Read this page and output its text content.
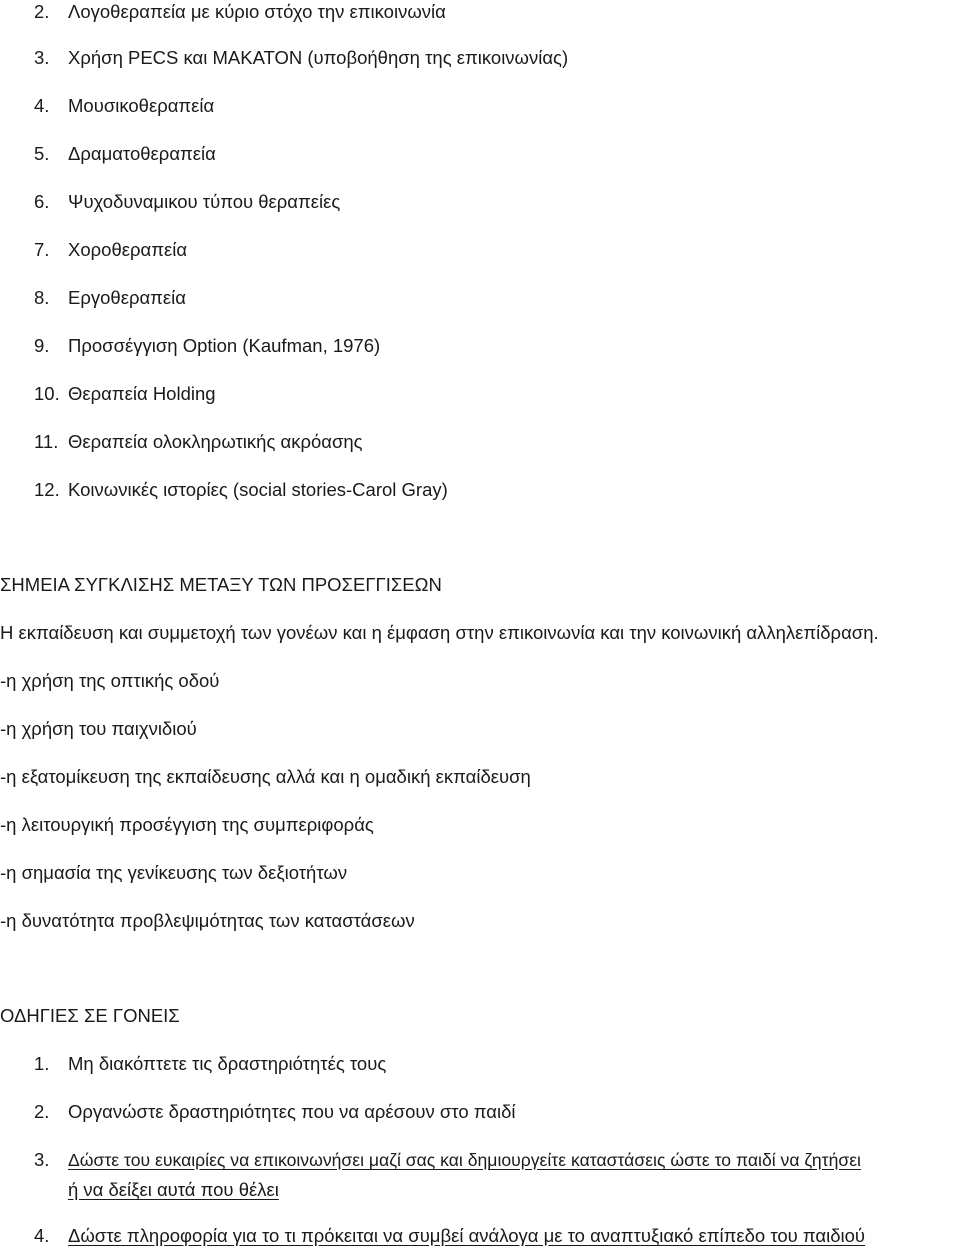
2. Λογοθεραπεία με κύριο στόχο την επικοινωνία
3. Χρήση PECS και MAKATON (υποβοήθηση της επικοινωνίας)
4. Μουσικοθεραπεία
5. Δραματοθεραπεία
6. Ψυχοδυναμικου τύπου θεραπείες
7. Χοροθεραπεία
8. Εργοθεραπεία
9. Προσσέγγιση Option (Kaufman, 1976)
10. Θεραπεία Holding
11. Θεραπεία ολοκληρωτικής ακρόασης
12. Κοινωνικές ιστορίες (social stories-Carol Gray)
ΣΗΜΕΙΑ ΣΥΓΚΛΙΣΗΣ ΜΕΤΑΞΥ ΤΩΝ ΠΡΟΣΕΓΓΙΣΕΩΝ
Η εκπαίδευση και συμμετοχή των γονέων και η έμφαση στην επικοινωνία και την κοινωνική αλληλεπίδραση.
-η χρήση της οπτικής οδού
-η χρήση του παιχνιδιού
-η εξατομίκευση της εκπαίδευσης αλλά και η ομαδική εκπαίδευση
-η λειτουργική προσέγγιση της συμπεριφοράς
-η σημασία της γενίκευσης των δεξιοτήτων
-η δυνατότητα προβλεψιμότητας των καταστάσεων
ΟΔΗΓΙΕΣ ΣΕ ΓΟΝΕΙΣ
1. Μη διακόπτετε τις δραστηριότητές τους
2. Οργανώστε δραστηριότητες που να αρέσουν στο παιδί
3. Δώστε του ευκαιρίες να επικοινωνήσει μαζί σας και δημιουργείτε καταστάσεις ώστε το παιδί να ζητήσει
ή να δείξει αυτά που θέλει
4. Δώστε πληροφορία για το τι πρόκειται να συμβεί ανάλογα με το αναπτυξιακό επίπεδο του παιδιού
